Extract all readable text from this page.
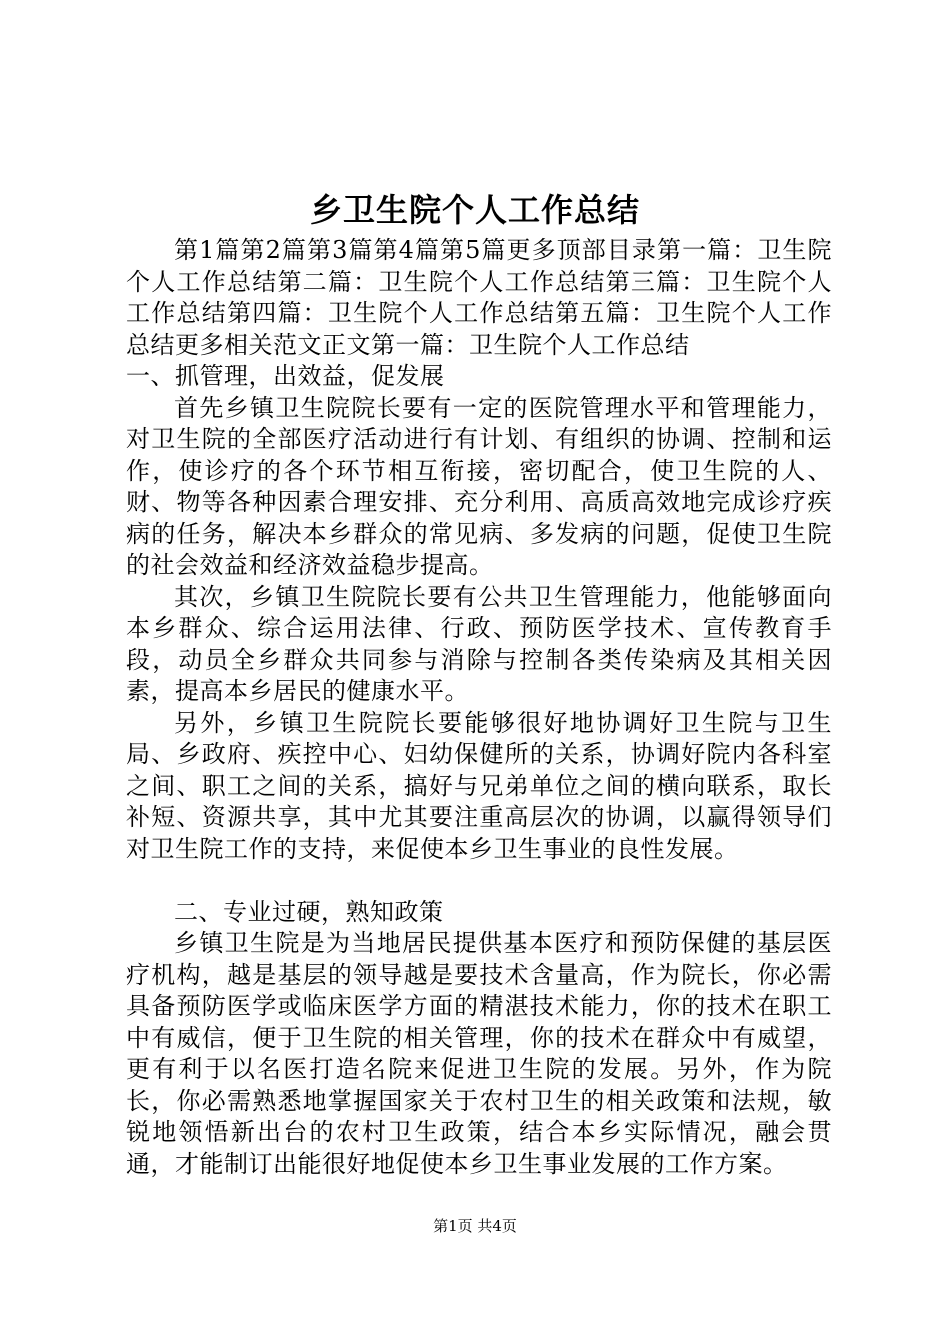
乡卫生院个人工作总结

第1篇第2篇第3篇第4篇第5篇更多顶部目录第一篇：卫生院个人工作总结第二篇：卫生院个人工作总结第三篇：卫生院个人工作总结第四篇：卫生院个人工作总结第五篇：卫生院个人工作总结更多相关范文正文第一篇：卫生院个人工作总结

一、抓管理，出效益，促发展

首先乡镇卫生院院长要有一定的医院管理水平和管理能力，对卫生院的全部医疗活动进行有计划、有组织的协调、控制和运作，使诊疗的各个环节相互衔接，密切配合，使卫生院的人、财、物等各种因素合理安排、充分利用、高质高效地完成诊疗疾病的任务，解决本乡群众的常见病、多发病的问题，促使卫生院的社会效益和经济效益稳步提高。

其次，乡镇卫生院院长要有公共卫生管理能力，他能够面向本乡群众、综合运用法律、行政、预防医学技术、宣传教育手段，动员全乡群众共同参与消除与控制各类传染病及其相关因素，提高本乡居民的健康水平。

另外，乡镇卫生院院长要能够很好地协调好卫生院与卫生局、乡政府、疾控中心、妇幼保健所的关系，协调好院内各科室之间、职工之间的关系，搞好与兄弟单位之间的横向联系，取长补短、资源共享，其中尤其要注重高层次的协调，以赢得领导们对卫生院工作的支持，来促使本乡卫生事业的良性发展。

二、专业过硬，熟知政策

乡镇卫生院是为当地居民提供基本医疗和预防保健的基层医疗机构，越是基层的领导越是要技术含量高，作为院长，你必需具备预防医学或临床医学方面的精湛技术能力，你的技术在职工中有威信，便于卫生院的相关管理，你的技术在群众中有威望，更有利于以名医打造名院来促进卫生院的发展。另外，作为院长，你必需熟悉地掌握国家关于农村卫生的相关政策和法规，敏锐地领悟新出台的农村卫生政策，结合本乡实际情况，融会贯通，才能制订出能很好地促使本乡卫生事业发展的工作方案。

第1页 共4页
